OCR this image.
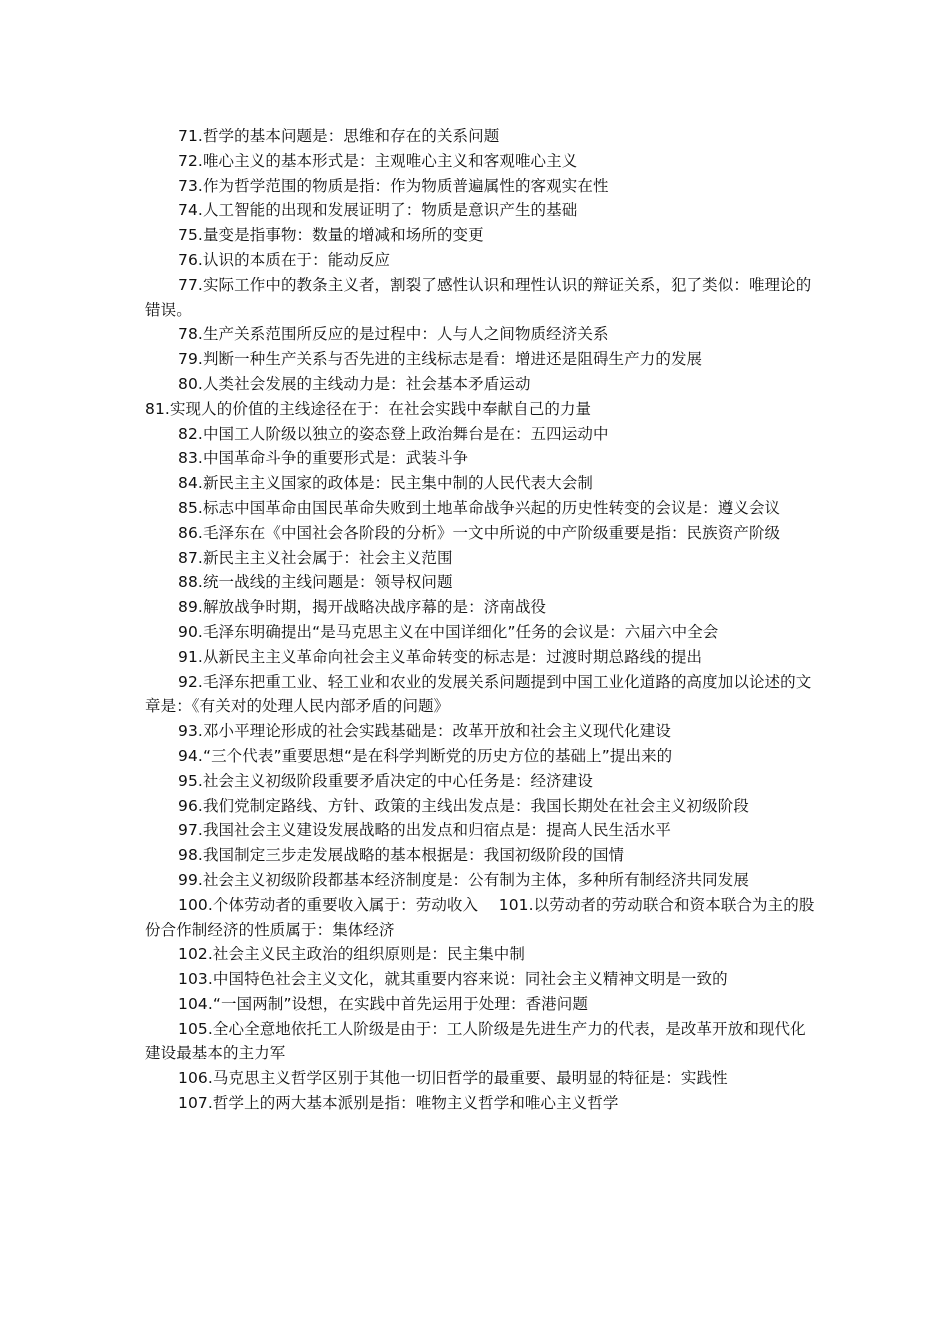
71.哲学的基本问题是：思维和存在的关系问题

72.唯心主义的基本形式是：主观唯心主义和客观唯心主义

73.作为哲学范围的物质是指：作为物质普遍属性的客观实在性

74.人工智能的出现和发展证明了：物质是意识产生的基础

75.量变是指事物：数量的增减和场所的变更

76.认识的本质在于：能动反应

77.实际工作中的教条主义者，割裂了感性认识和理性认识的辩证关系，犯了类似：唯理论的错误。

78.生产关系范围所反应的是过程中：人与人之间物质经济关系

79.判断一种生产关系与否先进的主线标志是看：增进还是阻碍生产力的发展

80.人类社会发展的主线动力是：社会基本矛盾运动

81.实现人的价值的主线途径在于：在社会实践中奉献自己的力量

82.中国工人阶级以独立的姿态登上政治舞台是在：五四运动中

83.中国革命斗争的重要形式是：武装斗争

84.新民主主义国家的政体是：民主集中制的人民代表大会制

85.标志中国革命由国民革命失败到土地革命战争兴起的历史性转变的会议是：遵义会议

86.毛泽东在《中国社会各阶段的分析》一文中所说的中产阶级重要是指：民族资产阶级

87.新民主主义社会属于：社会主义范围

88.统一战线的主线问题是：领导权问题

89.解放战争时期，揭开战略决战序幕的是：济南战役

90.毛泽东明确提出“是马克思主义在中国详细化”任务的会议是：六届六中全会

91.从新民主主义革命向社会主义革命转变的标志是：过渡时期总路线的提出

92.毛泽东把重工业、轻工业和农业的发展关系问题提到中国工业化道路的高度加以论述的文章是：《有关对的处理人民内部矛盾的问题》

93.邓小平理论形成的社会实践基础是：改革开放和社会主义现代化建设

94.“三个代表”重要思想“是在科学判断党的历史方位的基础上”提出来的

95.社会主义初级阶段重要矛盾决定的中心任务是：经济建设

96.我们党制定路线、方针、政策的主线出发点是：我国长期处在社会主义初级阶段

97.我国社会主义建设发展战略的出发点和归宿点是：提高人民生活水平

98.我国制定三步走发展战略的基本根据是：我国初级阶段的国情

99.社会主义初级阶段都基本经济制度是：公有制为主体，多种所有制经济共同发展

100.个体劳动者的重要收入属于：劳动收入　 101.以劳动者的劳动联合和资本联合为主的股份合作制经济的性质属于：集体经济

102.社会主义民主政治的组织原则是：民主集中制

103.中国特色社会主义文化，就其重要内容来说：同社会主义精神文明是一致的

104.“一国两制”设想，在实践中首先运用于处理：香港问题

105.全心全意地依托工人阶级是由于：工人阶级是先进生产力的代表，是改革开放和现代化建设最基本的主力军

106.马克思主义哲学区别于其他一切旧哲学的最重要、最明显的特征是：实践性

107.哲学上的两大基本派别是指：唯物主义哲学和唯心主义哲学
